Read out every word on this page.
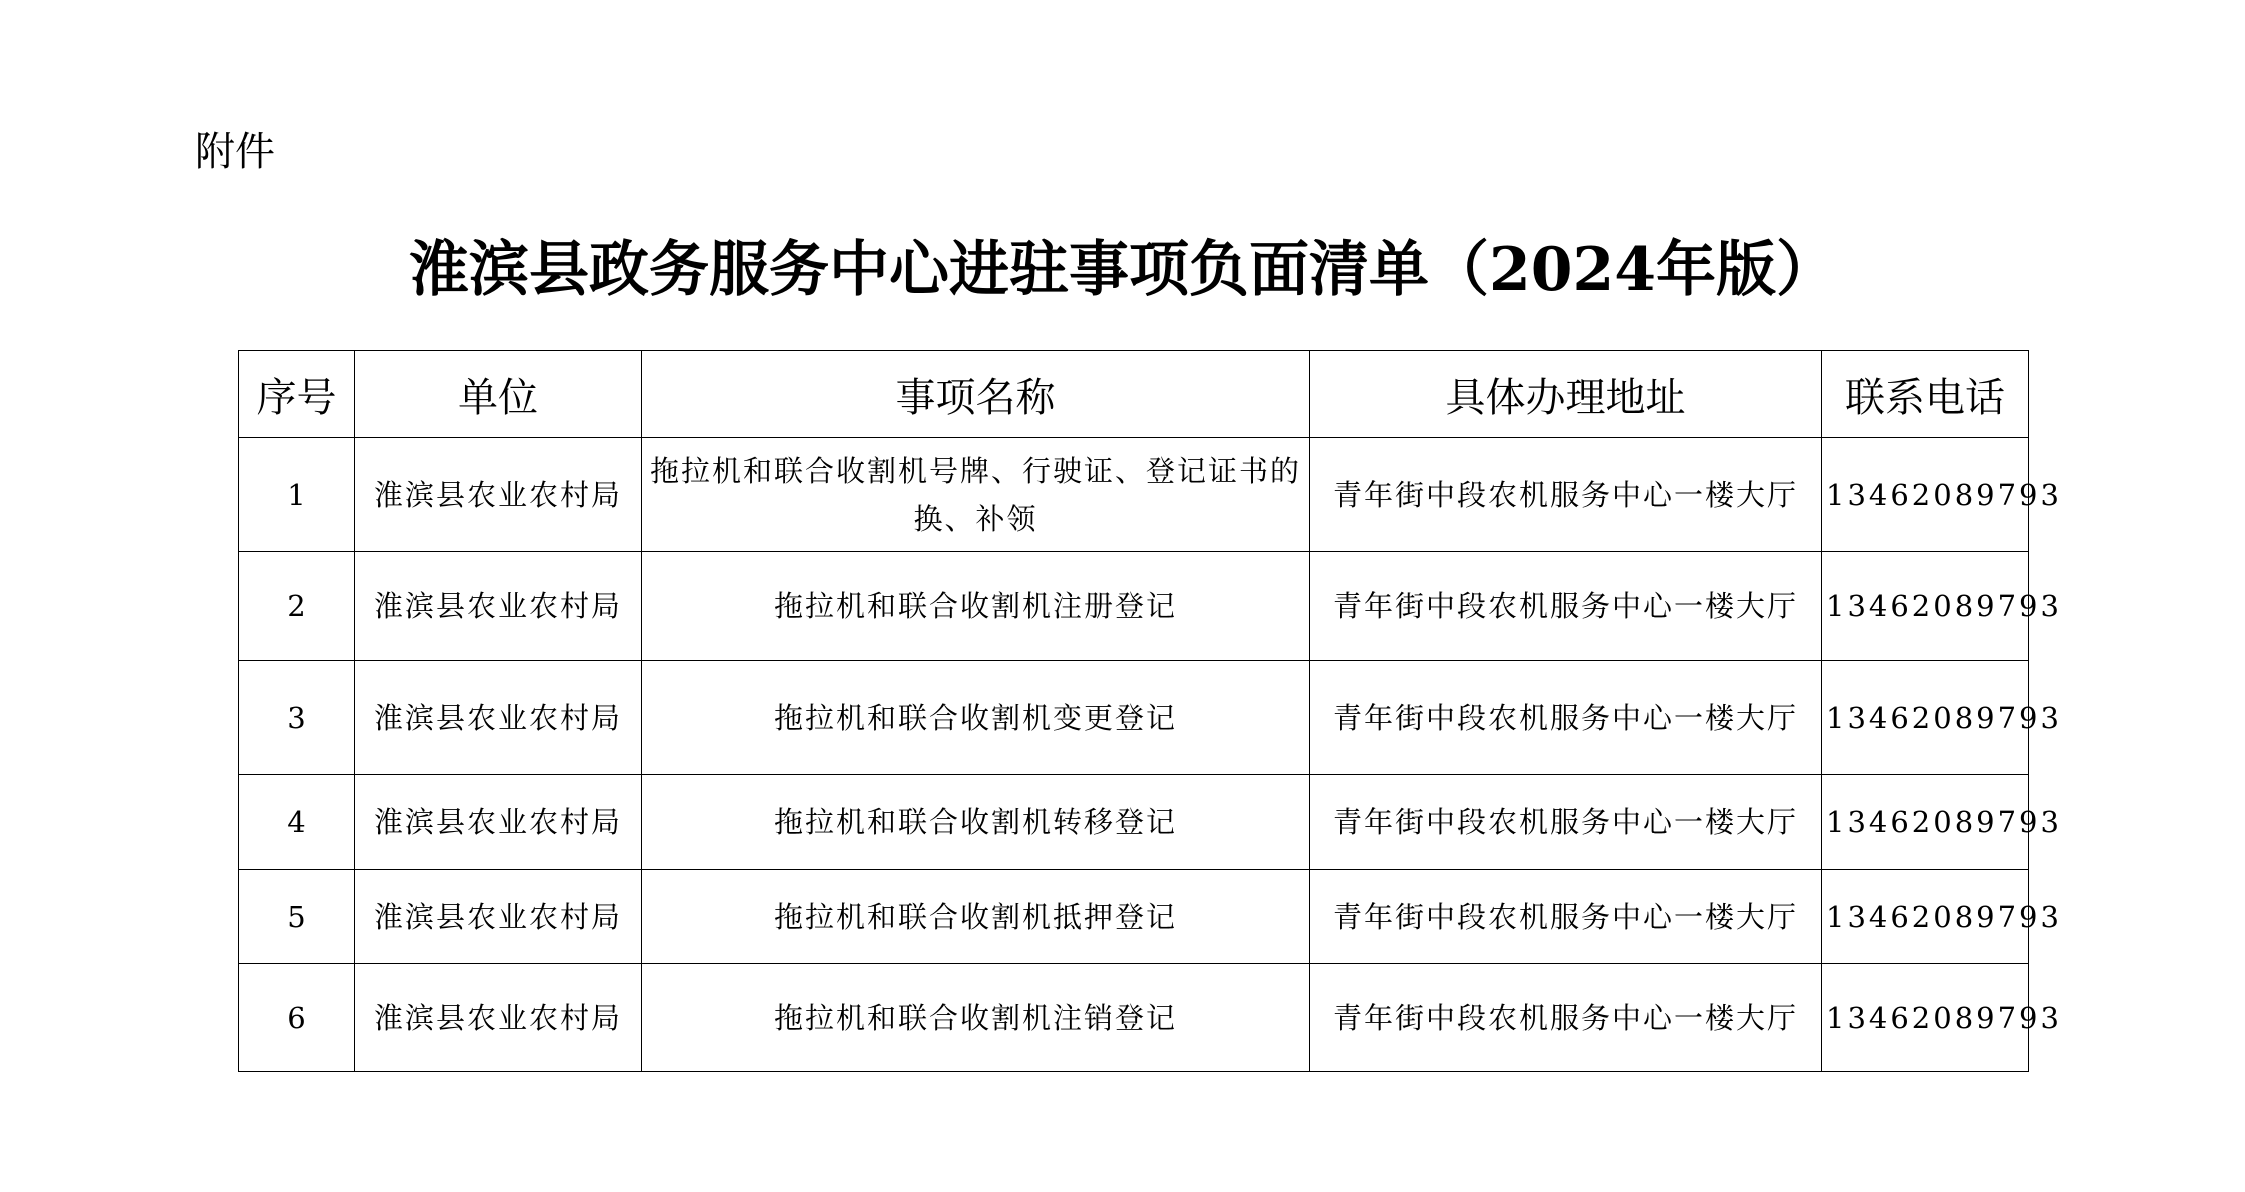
附件
淮滨县政务服务中心进驻事项负面清单（2024年版）
序号	单位	事项名称	具体办理地址	联系电话
1	淮滨县农业农村局	拖拉机和联合收割机号牌、行驶证、登记证书的换、补领	青年街中段农机服务中心一楼大厅	13462089793
2	淮滨县农业农村局	拖拉机和联合收割机注册登记	青年街中段农机服务中心一楼大厅	13462089793
3	淮滨县农业农村局	拖拉机和联合收割机变更登记	青年街中段农机服务中心一楼大厅	13462089793
4	淮滨县农业农村局	拖拉机和联合收割机转移登记	青年街中段农机服务中心一楼大厅	13462089793
5	淮滨县农业农村局	拖拉机和联合收割机抵押登记	青年街中段农机服务中心一楼大厅	13462089793
6	淮滨县农业农村局	拖拉机和联合收割机注销登记	青年街中段农机服务中心一楼大厅	13462089793
